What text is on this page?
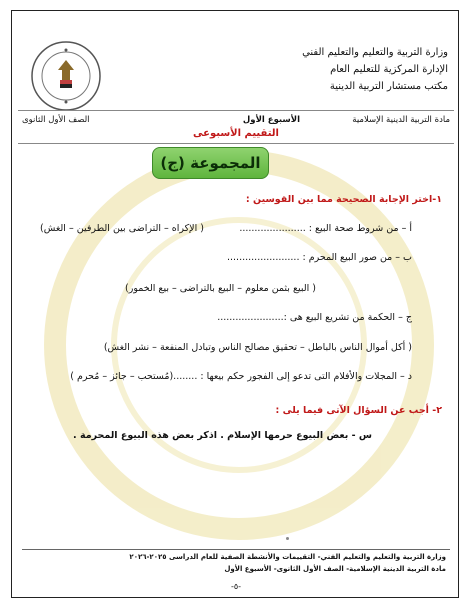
وزارة التربية والتعليم والتعليم الفني
الإدارة المركزية للتعليم العام
مكتب مستشار التربية الدينية
مادة التربية الدينية الإسلامية
الأسبوع الأول
الصف الأول الثانوى
التقييم الأسبوعى
المجموعة (ج)
١-اختر الإجابة الصحيحة مما بين القوسين :
أ – من شروط صحة البيع : ......................
( الإكراه – التراضى بين الطرفين – الغش)
ب – من صور البيع المحرم : ........................
( البيع بثمن معلوم – البيع بالتراضى – بيع الخمور)
ج – الحكمة من تشريع البيع هى :......................
( أكل أموال الناس بالباطل – تحقيق مصالح الناس وتبادل المنفعة – نشر الغش)
د – المجلات والأفلام التى تدعو إلى الفجور حكم بيعها : ........(مُستحب – جائز – مُحرم )
٢- أجب عن السؤال الآتى فيما يلى :
س - بعض البيوع حرمها الإسلام . اذكر بعض هذه البيوع المحرمة .
وزارة التربية والتعليم والتعليم الفني- التقييمات والأنشطة الصفية للعام الدراسى ٢٠٢٥-٢٠٢٦
مادة التربية الدينية الإسلامية- الصف الأول الثانوى- الأسبوع الأول
-٥-
